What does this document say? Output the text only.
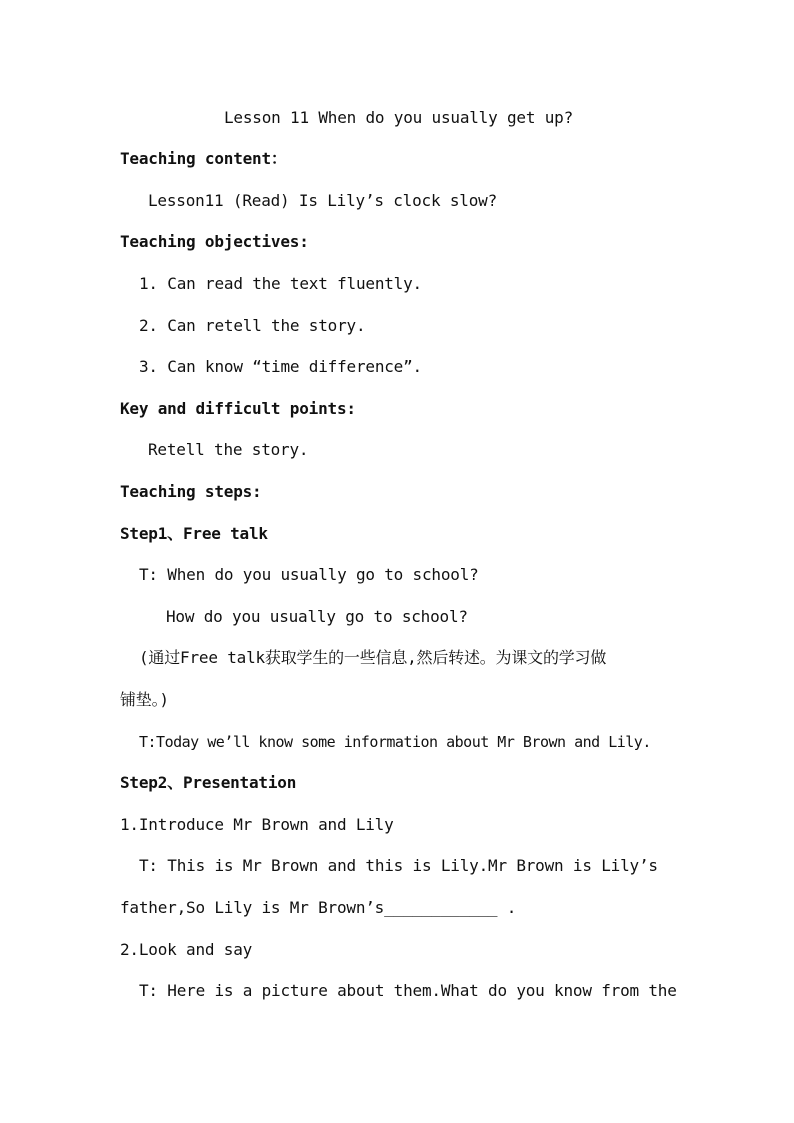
Lesson 11 When do you usually get up?
Teaching content：
Lesson11 (Read) Is Lily’s clock slow?
Teaching objectives:
1. Can read the text fluently.
2. Can retell the story.
3. Can know “time difference”.
Key and difficult points:
Retell the story.
Teaching steps:
Step1、Free talk
T: When do you usually go to school?
How do you usually go to school?
(通过Free talk获取学生的一些信息,然后转述。为课文的学习做
铺垫。)
T:Today we’ll know some information about Mr Brown and Lily.
Step2、Presentation
1.Introduce Mr Brown and Lily
T: This is Mr Brown and this is Lily.Mr Brown is Lily’s
father,So Lily is Mr Brown’s____________ .
2.Look and say
T: Here is a picture about them.What do you know from the
